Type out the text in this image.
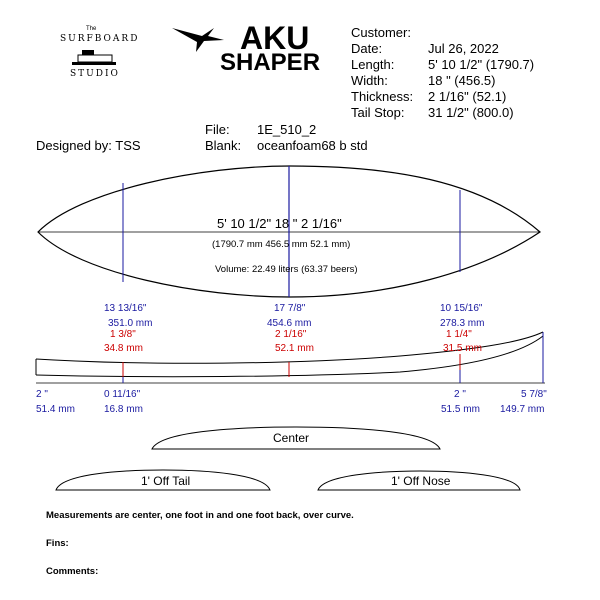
The
SURFBOARD
STUDIO
AKU
SHAPER
Customer:
Date:	Jul 26, 2022
Length:	5' 10 1/2" (1790.7)
Width:	18 " (456.5)
Thickness: 2 1/16" (52.1)
Tail Stop: 31 1/2" (800.0)
File: 1E_510_2
Blank: oceanfoam68 b std
Designed by: TSS
5' 10 1/2" 18 " 2 1/16"
(1790.7 mm 456.5 mm 52.1 mm)
Volume: 22.49 liters (63.37 beers)
13 13/16"
351.0 mm
17 7/8"
454.6 mm
10 15/16"
278.3 mm
1 3/8"
34.8 mm
2 1/16"
52.1 mm
1 1/4"
31.5 mm
2 "
51.4 mm
0 11/16"
16.8 mm
2 "
51.5 mm
5 7/8"
149.7 mm
Center
1' Off Tail	1' Off Nose
Measurements are center, one foot in and one foot back, over curve.
Fins:
Comments:
